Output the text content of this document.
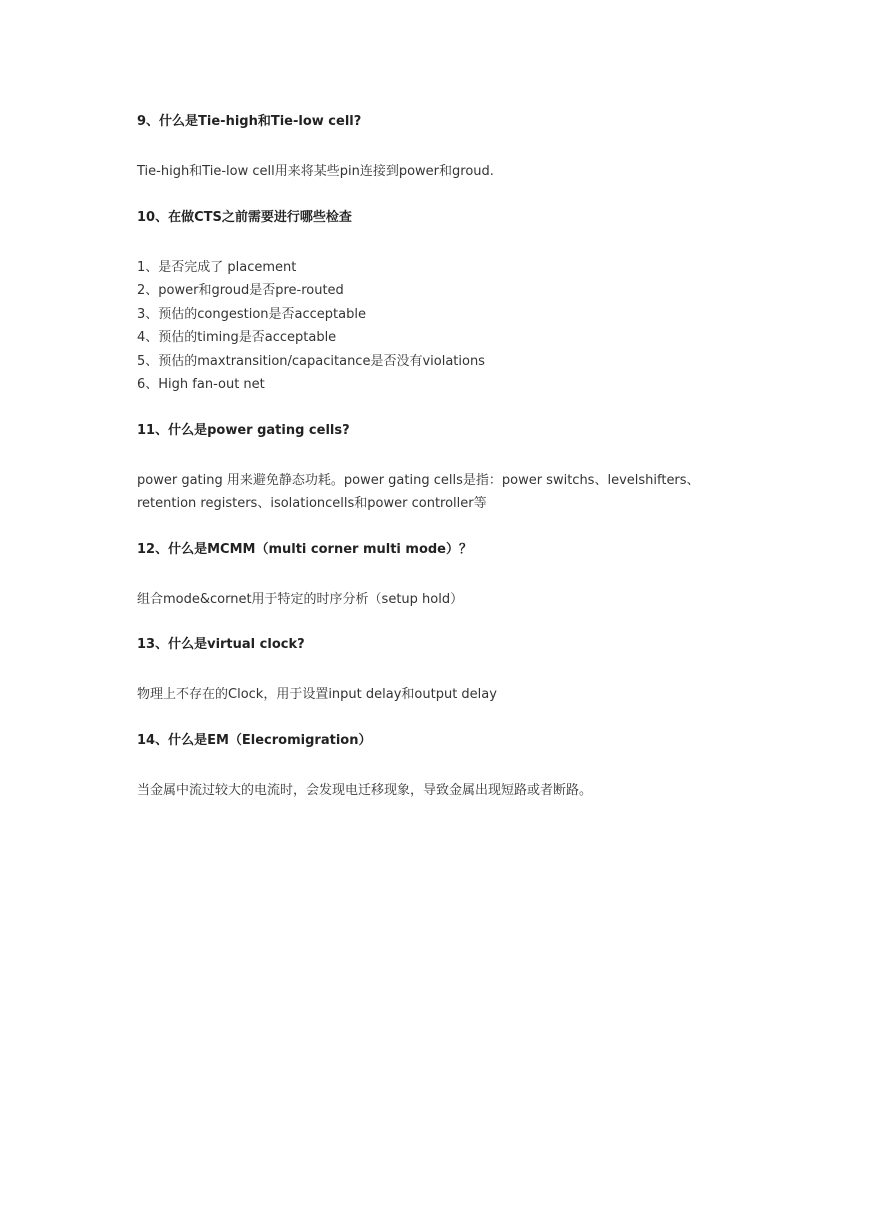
9、什么是Tie-high和Tie-low cell?

Tie-high和Tie-low cell用来将某些pin连接到power和groud.

10、在做CTS之前需要进行哪些检查

1、是否完成了 placement
2、power和groud是否pre-routed
3、预估的congestion是否acceptable
4、预估的timing是否acceptable
5、预估的maxtransition/capacitance是否没有violations
6、High fan-out net

11、什么是power gating cells?

power gating 用来避免静态功耗。power gating cells是指：power switchs、levelshifters、
retention registers、isolationcells和power controller等

12、什么是MCMM（multi corner multi mode）？

组合mode&cornet用于特定的时序分析（setup hold）

13、什么是virtual clock?

物理上不存在的Clock，用于设置input delay和output delay

14、什么是EM（Elecromigration）

当金属中流过较大的电流时，会发现电迁移现象，导致金属出现短路或者断路。
